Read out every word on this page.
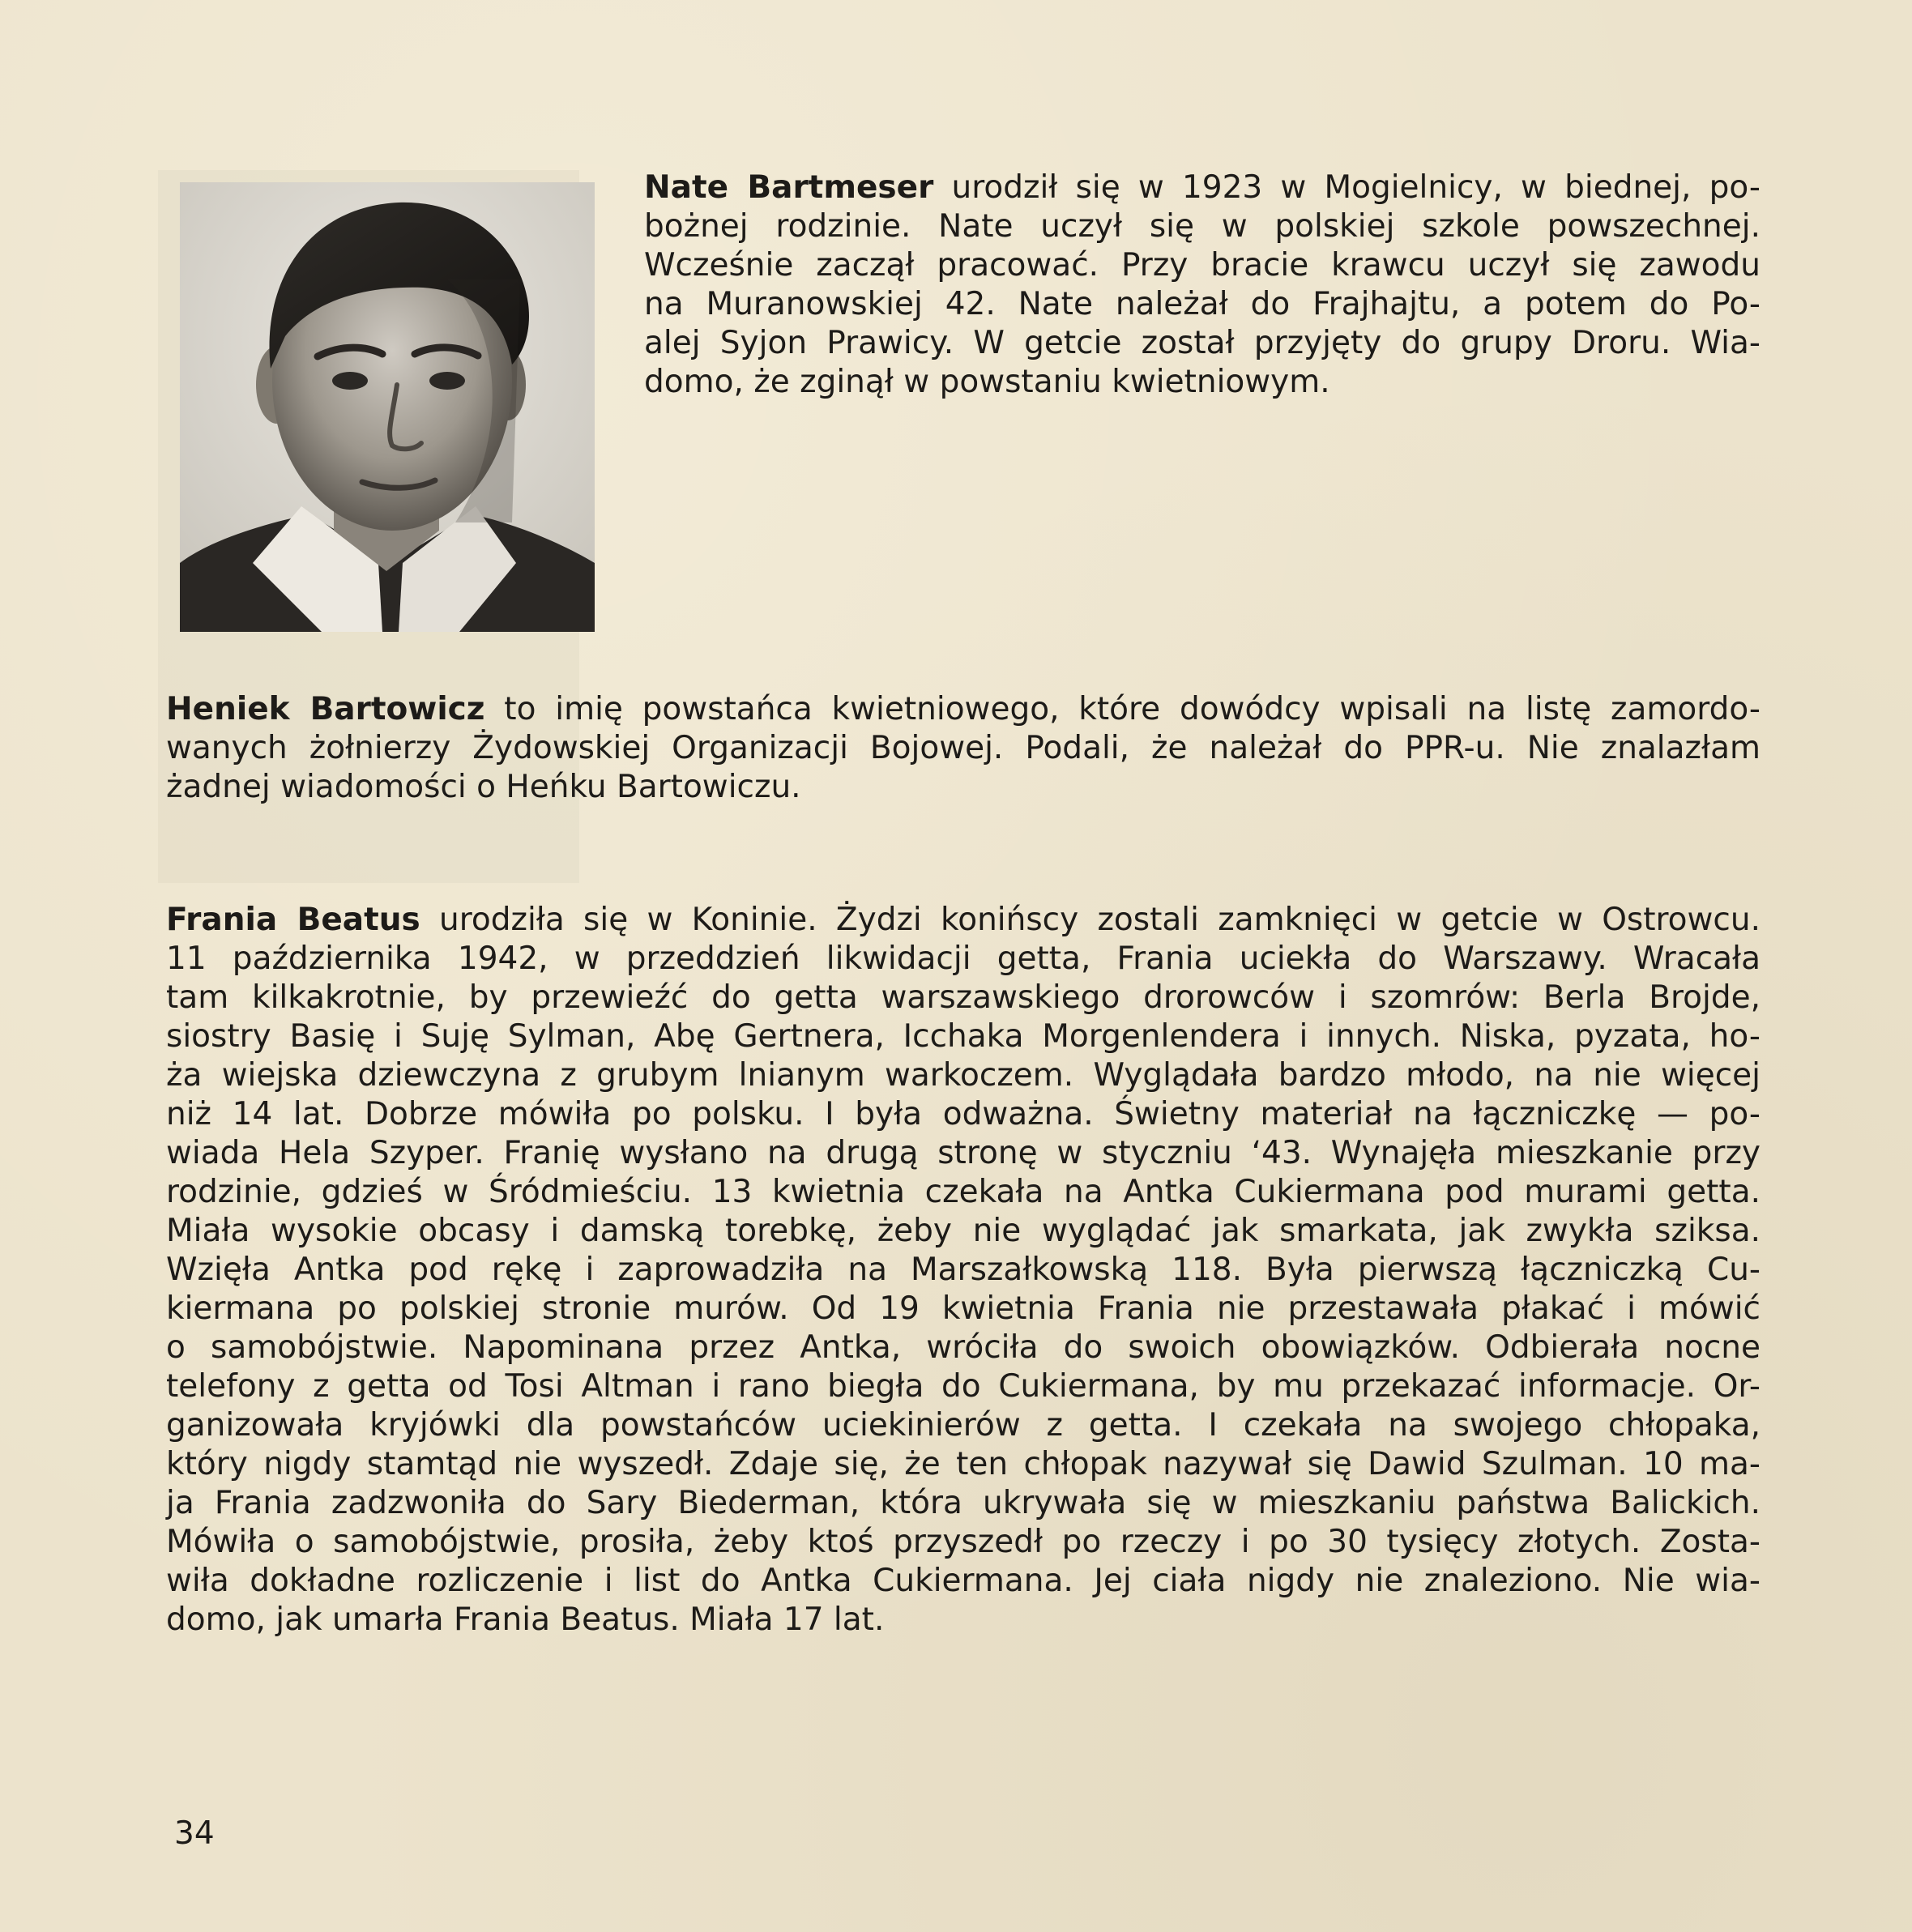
Nate Bartmeser urodził się w 1923 w Mogielnicy, w biednej, po-
bożnej rodzinie. Nate uczył się w polskiej szkole powszechnej.
Wcześnie zaczął pracować. Przy bracie krawcu uczył się zawodu
na Muranowskiej 42. Nate należał do Frajhajtu, a potem do Po-
alej Syjon Prawicy. W getcie został przyjęty do grupy Droru. Wia-
domo, że zginął w powstaniu kwietniowym.
Heniek Bartowicz to imię powstańca kwietniowego, które dowódcy wpisali na listę zamordo-
wanych żołnierzy Żydowskiej Organizacji Bojowej. Podali, że należał do PPR-u. Nie znalazłam
żadnej wiadomości o Heńku Bartowiczu.
Frania Beatus urodziła się w Koninie. Żydzi konińscy zostali zamknięci w getcie w Ostrowcu.
11 października 1942, w przeddzień likwidacji getta, Frania uciekła do Warszawy. Wracała
tam kilkakrotnie, by przewieźć do getta warszawskiego drorowców i szomrów: Berla Brojde,
siostry Basię i Suję Sylman, Abę Gertnera, Icchaka Morgenlendera i innych. Niska, pyzata, ho-
ża wiejska dziewczyna z grubym lnianym warkoczem. Wyglądała bardzo młodo, na nie więcej
niż 14 lat. Dobrze mówiła po polsku. I była odważna. Świetny materiał na łączniczkę — po-
wiada Hela Szyper. Franię wysłano na drugą stronę w styczniu ‘43. Wynajęła mieszkanie przy
rodzinie, gdzieś w Śródmieściu. 13 kwietnia czekała na Antka Cukiermana pod murami getta.
Miała wysokie obcasy i damską torebkę, żeby nie wyglądać jak smarkata, jak zwykła sziksa.
Wzięła Antka pod rękę i zaprowadziła na Marszałkowską 118. Była pierwszą łączniczką Cu-
kiermana po polskiej stronie murów. Od 19 kwietnia Frania nie przestawała płakać i mówić
o samobójstwie. Napominana przez Antka, wróciła do swoich obowiązków. Odbierała nocne
telefony z getta od Tosi Altman i rano biegła do Cukiermana, by mu przekazać informacje. Or-
ganizowała kryjówki dla powstańców uciekinierów z getta. I czekała na swojego chłopaka,
który nigdy stamtąd nie wyszedł. Zdaje się, że ten chłopak nazywał się Dawid Szulman. 10 ma-
ja Frania zadzwoniła do Sary Biederman, która ukrywała się w mieszkaniu państwa Balickich.
Mówiła o samobójstwie, prosiła, żeby ktoś przyszedł po rzeczy i po 30 tysięcy złotych. Zosta-
wiła dokładne rozliczenie i list do Antka Cukiermana. Jej ciała nigdy nie znaleziono. Nie wia-
domo, jak umarła Frania Beatus. Miała 17 lat.
34
